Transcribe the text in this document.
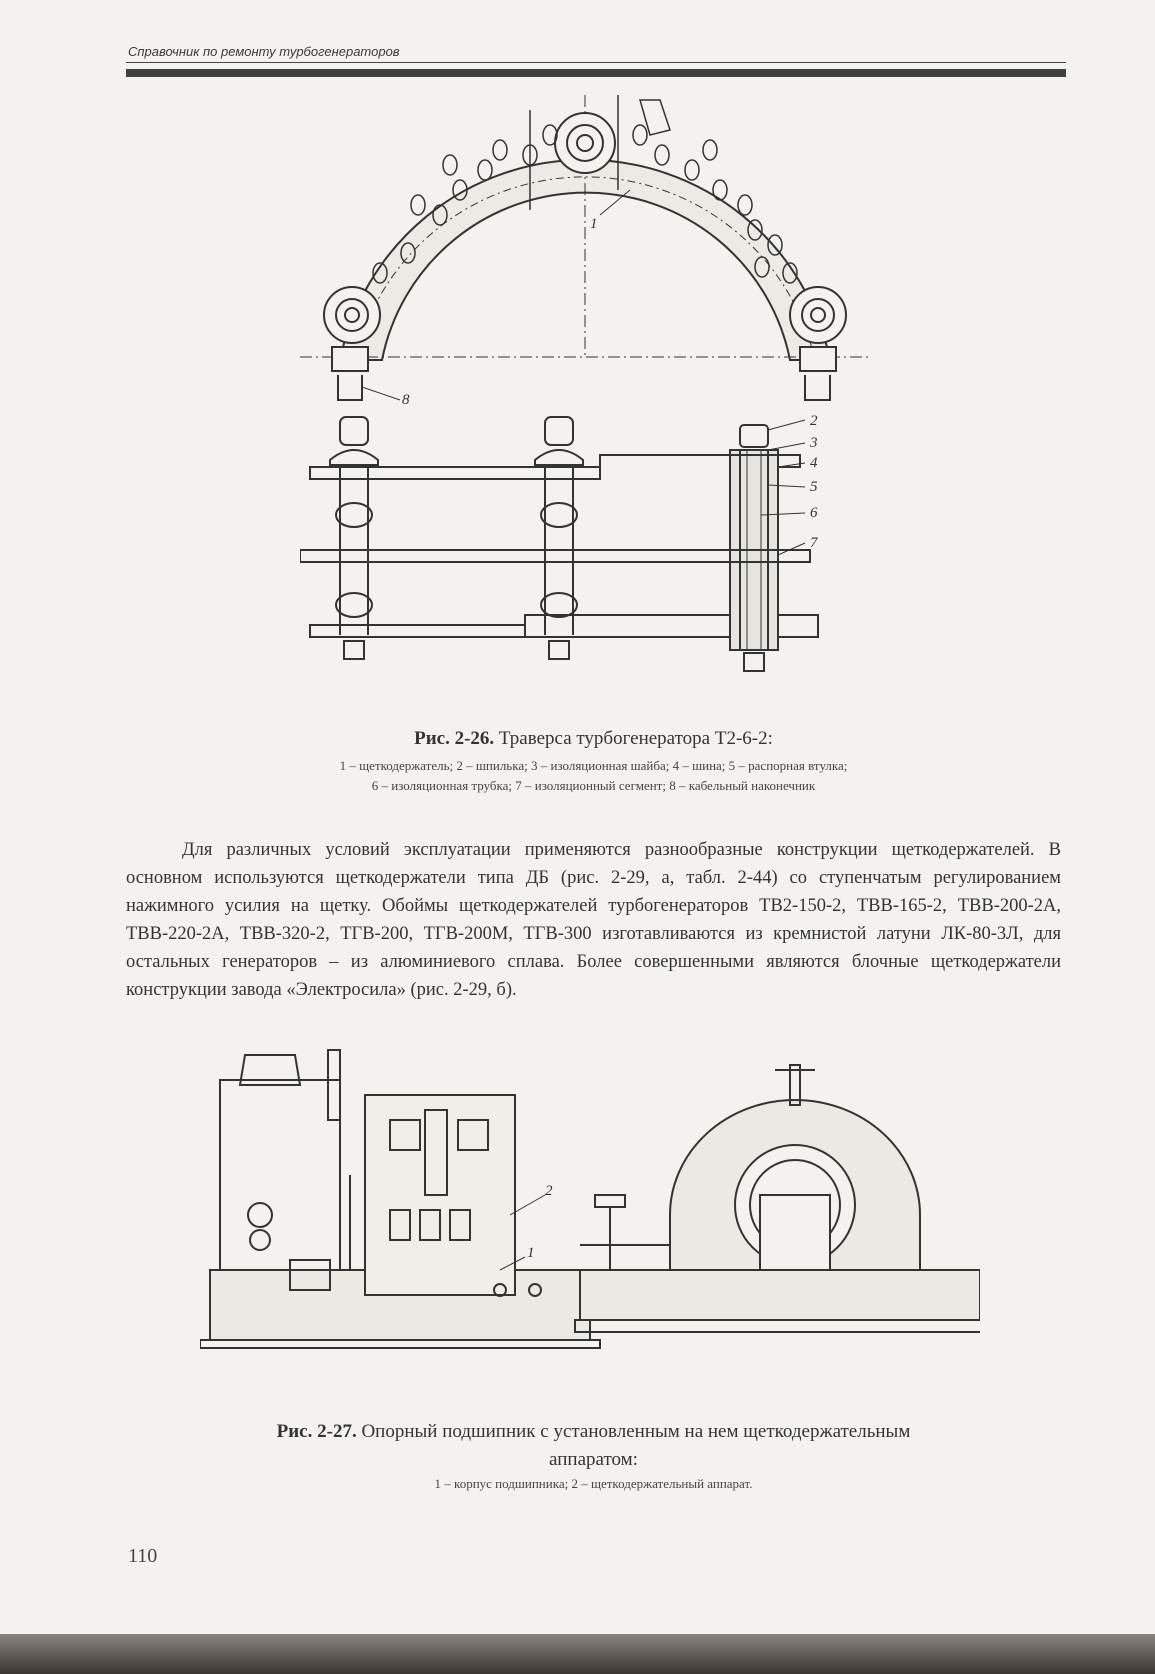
Справочник по ремонту турбогенераторов
1
2
3
4
5
6
7
8
Рис. 2-26. Траверса турбогенератора Т2-6-2:
1 – щеткодержатель; 2 – шпилька; 3 – изоляционная шайба; 4 – шина; 5 – распорная втулка;
6 – изоляционная трубка; 7 – изоляционный сегмент; 8 – кабельный наконечник

Для различных условий эксплуатации применяются разнообразные конструкции щеткодержателей. В основном используются щеткодержатели типа ДБ (рис. 2-29, а, табл. 2-44) со ступенчатым регулированием нажимного усилия на щетку. Обоймы щеткодержателей турбогенераторов ТВ2-150-2, ТВВ-165-2, ТВВ-200-2А, ТВВ-220-2А, ТВВ-320-2, ТГВ-200, ТГВ-200М, ТГВ-300 изготавливаются из кремнистой латуни ЛК-80-3Л, для остальных генераторов – из алюминиевого сплава. Более совершенными являются блочные щеткодержатели конструкции завода «Электросила» (рис. 2-29, б).

2
1
Рис. 2-27. Опорный подшипник с установленным на нем щеткодержательным
аппаратом:
1 – корпус подшипника; 2 – щеткодержательный аппарат.
110
